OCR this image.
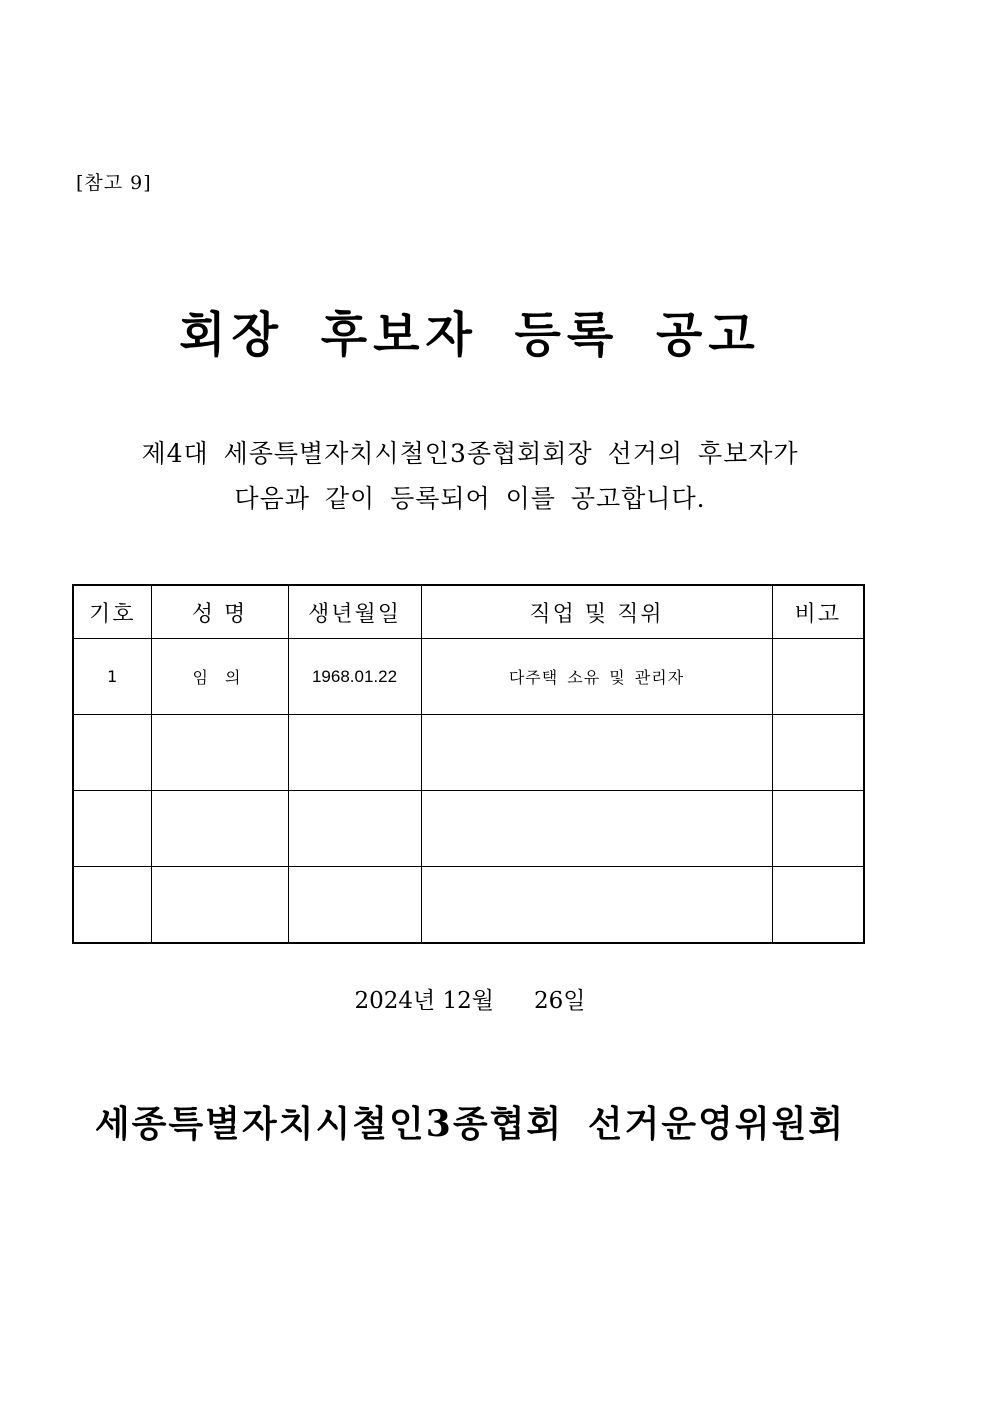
[참고 9]
회장 후보자 등록 공고
제4대 세종특별자치시철인3종협회회장 선거의 후보자가
다음과 같이 등록되어 이를 공고합니다.
기호	성 명	생년월일	직업 및 직위	비고
1	임 의	1968.01.22	다주택 소유 및 관리자	

2024년 12월 26일
세종특별자치시철인3종협회 선거운영위원회
